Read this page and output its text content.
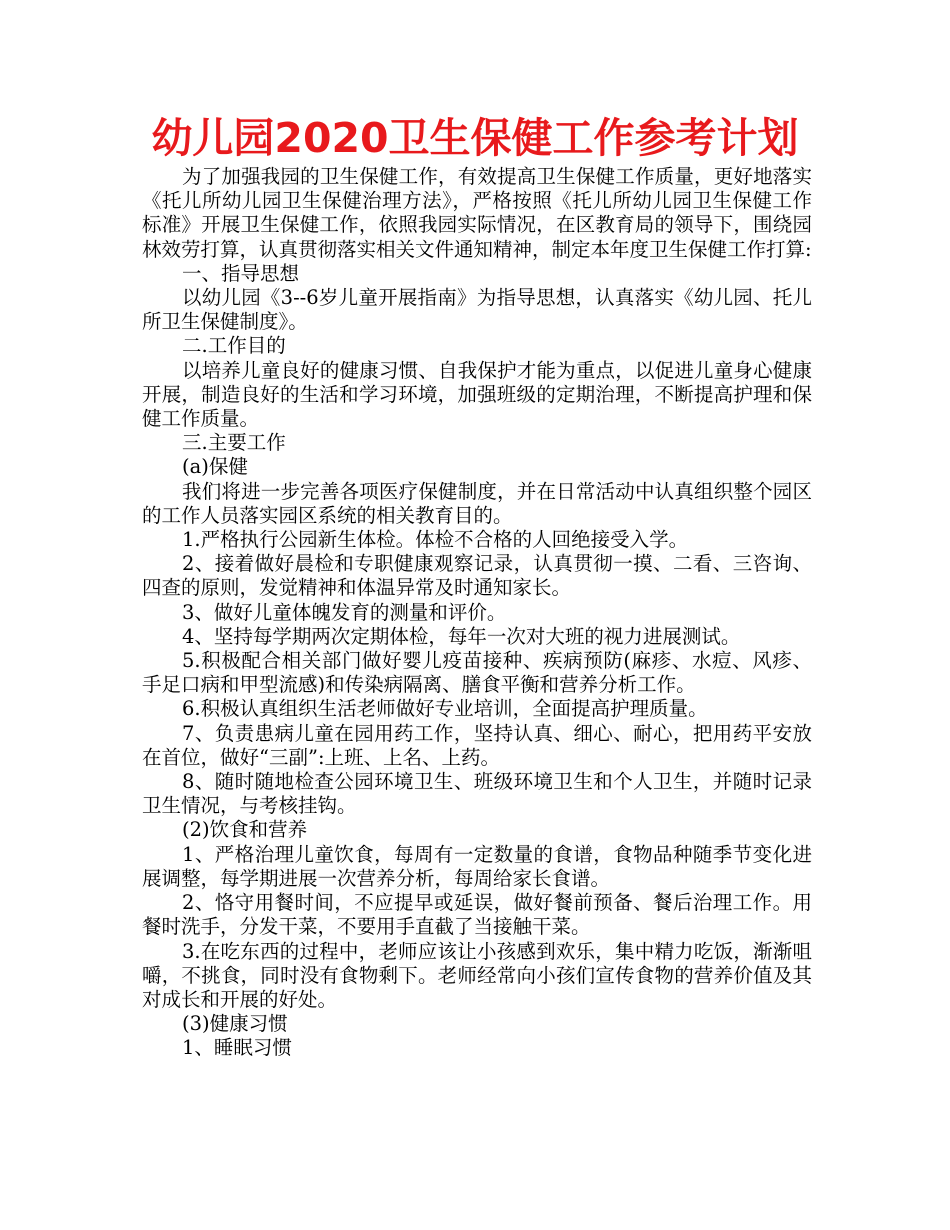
幼儿园2020卫生保健工作参考计划

为了加强我园的卫生保健工作，有效提高卫生保健工作质量，更好地落实《托儿所幼儿园卫生保健治理方法》，严格按照《托儿所幼儿园卫生保健工作标准》开展卫生保健工作，依照我园实际情况，在区教育局的领导下，围绕园林效劳打算，认真贯彻落实相关文件通知精神，制定本年度卫生保健工作打算:

一、指导思想

以幼儿园《3--6岁儿童开展指南》为指导思想，认真落实《幼儿园、托儿所卫生保健制度》。

二.工作目的

以培养儿童良好的健康习惯、自我保护才能为重点，以促进儿童身心健康开展，制造良好的生活和学习环境，加强班级的定期治理，不断提高护理和保健工作质量。

三.主要工作

(a)保健

我们将进一步完善各项医疗保健制度，并在日常活动中认真组织整个园区的工作人员落实园区系统的相关教育目的。

1.严格执行公园新生体检。体检不合格的人回绝接受入学。

2、接着做好晨检和专职健康观察记录，认真贯彻一摸、二看、三咨询、四查的原则，发觉精神和体温异常及时通知家长。

3、做好儿童体魄发育的测量和评价。

4、坚持每学期两次定期体检，每年一次对大班的视力进展测试。

5.积极配合相关部门做好婴儿疫苗接种、疾病预防(麻疹、水痘、风疹、手足口病和甲型流感)和传染病隔离、膳食平衡和营养分析工作。

6.积极认真组织生活老师做好专业培训，全面提高护理质量。

7、负责患病儿童在园用药工作，坚持认真、细心、耐心，把用药平安放在首位，做好“三副”:上班、上名、上药。

8、随时随地检查公园环境卫生、班级环境卫生和个人卫生，并随时记录卫生情况，与考核挂钩。

(2)饮食和营养

1、严格治理儿童饮食，每周有一定数量的食谱，食物品种随季节变化进展调整，每学期进展一次营养分析，每周给家长食谱。

2、恪守用餐时间，不应提早或延误，做好餐前预备、餐后治理工作。用餐时洗手，分发干菜，不要用手直截了当接触干菜。

3.在吃东西的过程中，老师应该让小孩感到欢乐，集中精力吃饭，渐渐咀嚼，不挑食，同时没有食物剩下。老师经常向小孩们宣传食物的营养价值及其对成长和开展的好处。

(3)健康习惯

1、睡眠习惯
